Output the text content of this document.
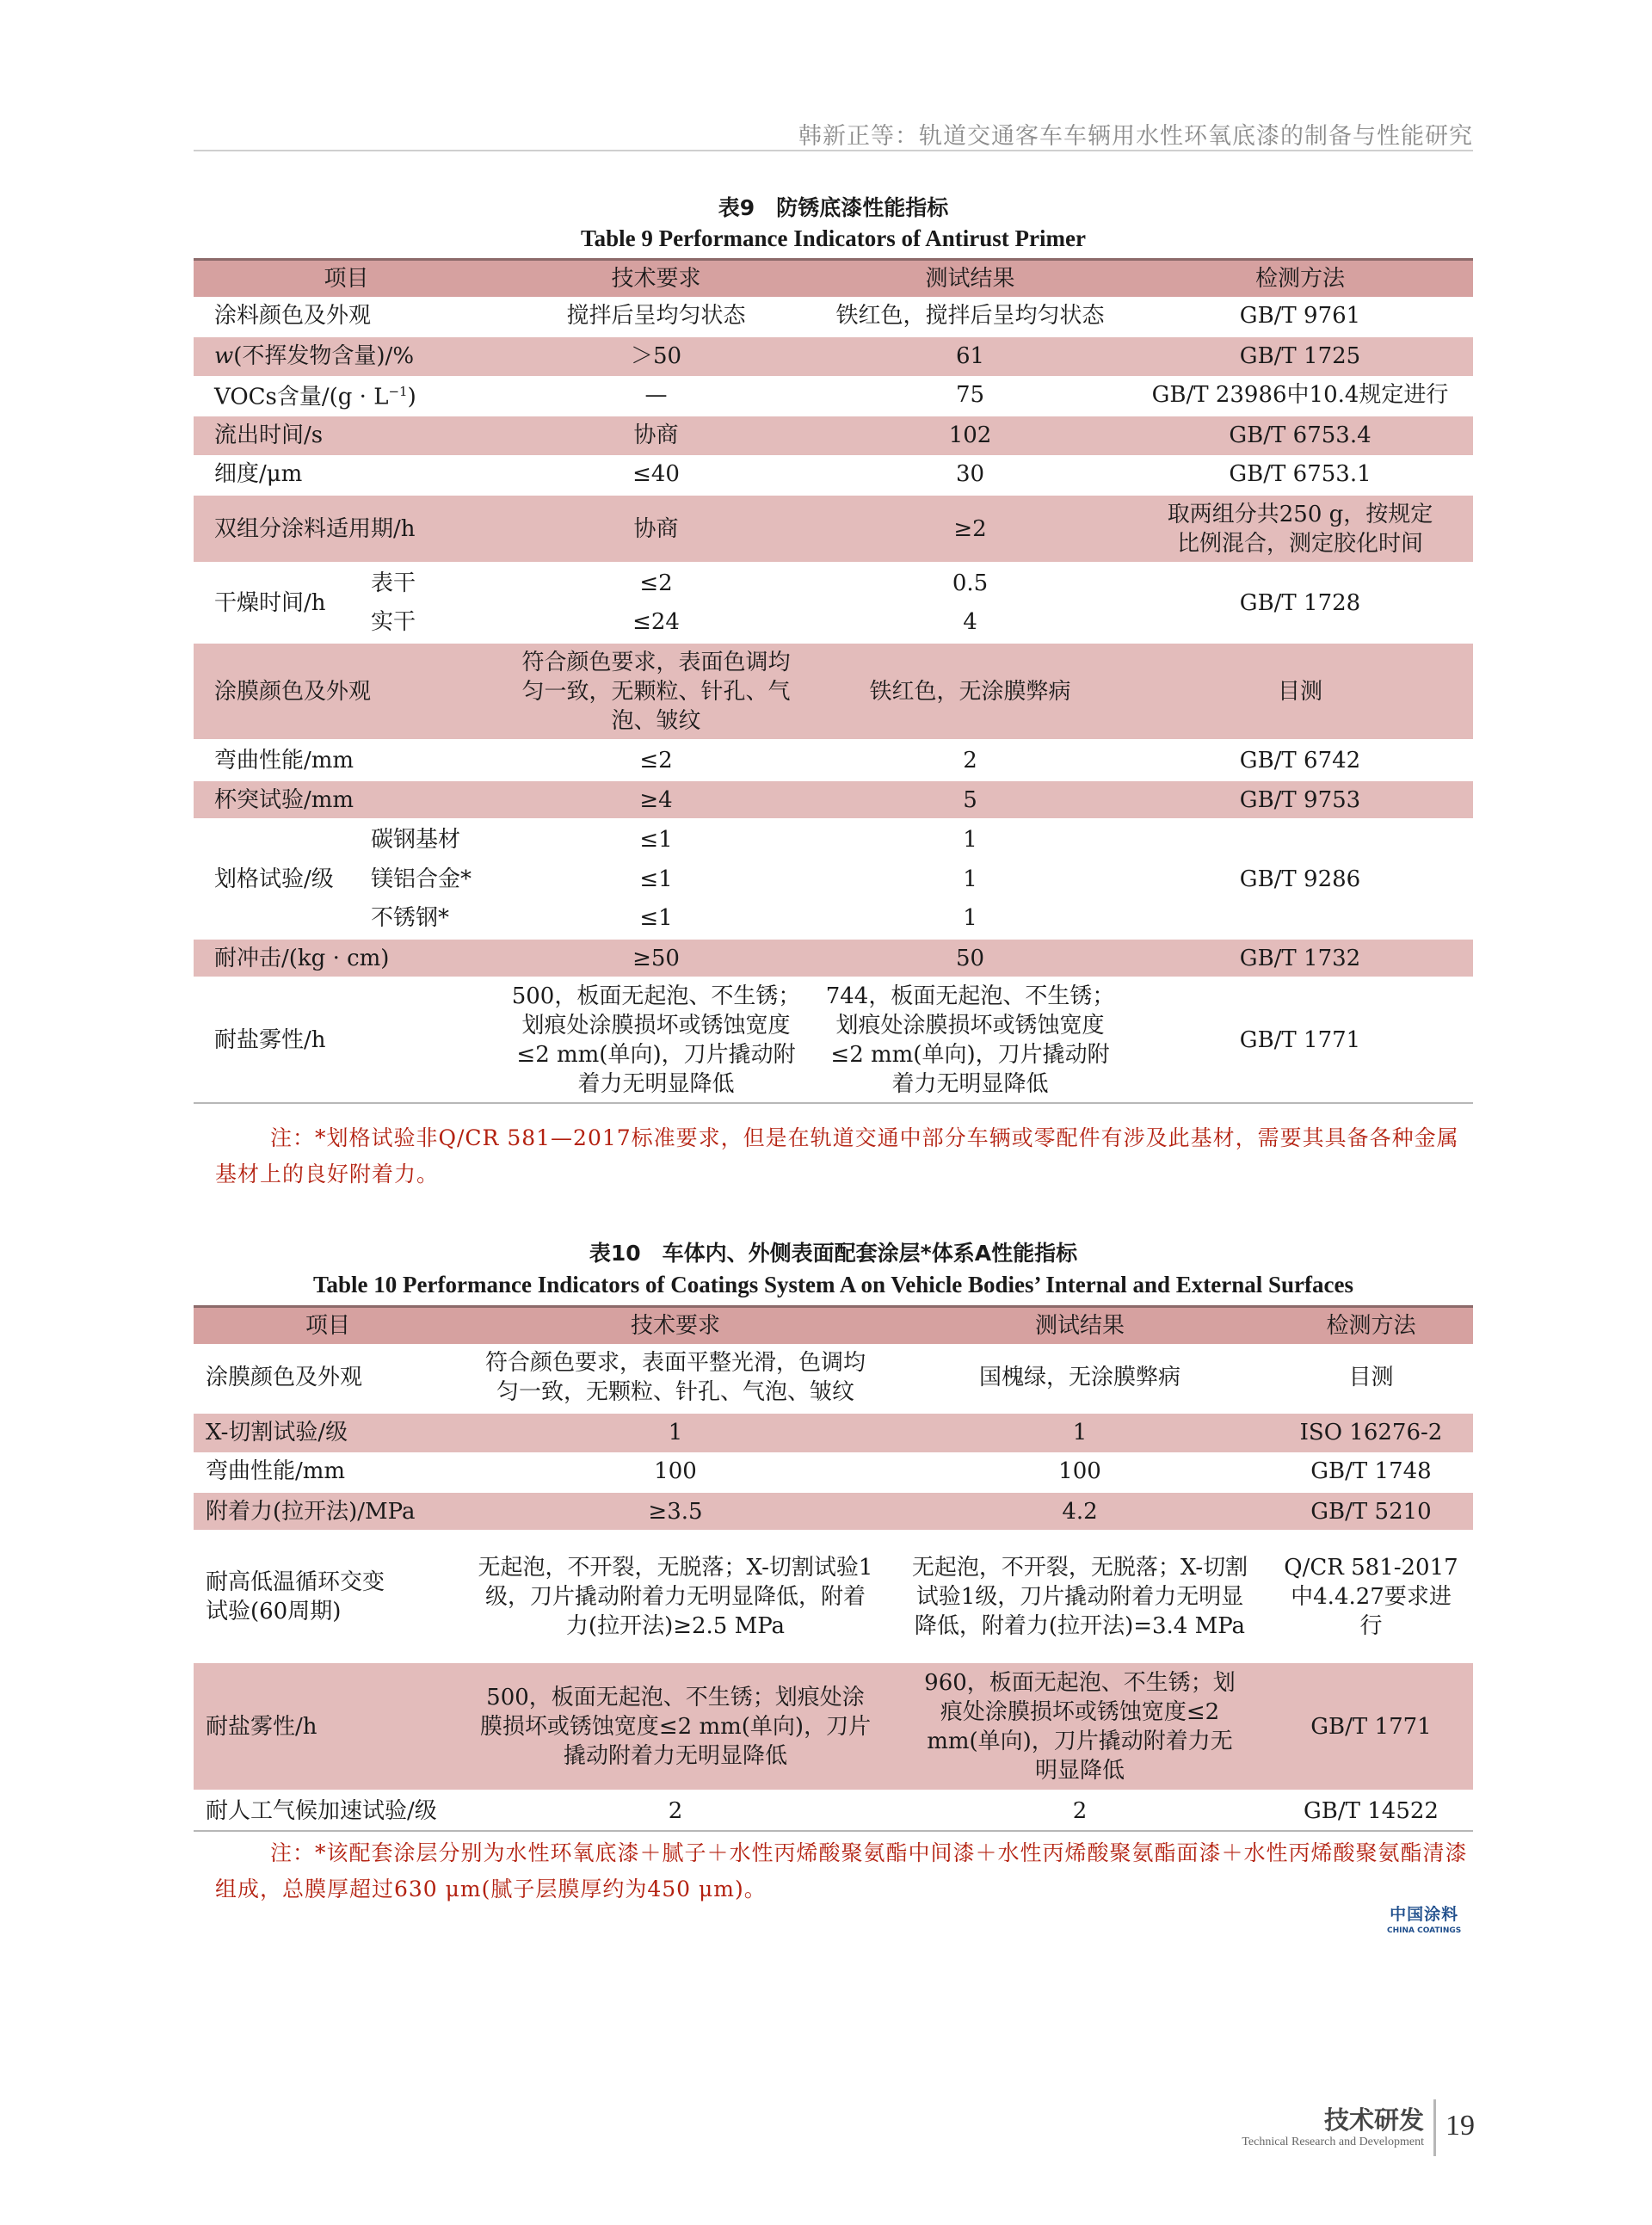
韩新正等：轨道交通客车车辆用水性环氧底漆的制备与性能研究
表9　防锈底漆性能指标
Table 9 Performance Indicators of Antirust Primer
项目		技术要求	测试结果	检测方法
涂料颜色及外观		搅拌后呈均匀状态	铁红色，搅拌后呈均匀状态	GB/T 9761
w(不挥发物含量)/%		＞50	61	GB/T 1725
VOCs含量$/(g \cdot L^{-1})$		—	75	GB/T 23986中10.4规定进行
流出时间/s		协商	102	GB/T 6753.4
细度/μm		≤40	30	GB/T 6753.1
双组分涂料适用期/h		协商	≥2	取两组分共250 g，按规定比例混合，测定胶化时间
干燥时间/h	表干	≤2	0.5	GB/T 1728
	实干	≤24	4	
涂膜颜色及外观		符合颜色要求，表面色调均匀一致，无颗粒、针孔、气泡、皱纹	铁红色，无涂膜弊病	目测
弯曲性能/mm		≤2	2	GB/T 6742
杯突试验/mm		≥4	5	GB/T 9753
划格试验/级	碳钢基材	≤1	1	GB/T 9286
	镁铝合金*	≤1	1	
	不锈钢*	≤1	1	
耐冲击/(kg · cm)		≥50	50	GB/T 1732
耐盐雾性/h		500，板面无起泡、不生锈；划痕处涂膜损坏或锈蚀宽度≤2 mm(单向)，刀片撬动附着力无明显降低	744，板面无起泡、不生锈；划痕处涂膜损坏或锈蚀宽度≤2 mm(单向)，刀片撬动附着力无明显降低	GB/T 1771
注：*划格试验非Q/CR 581—2017标准要求，但是在轨道交通中部分车辆或零配件有涉及此基材，需要其具备各种金属基材上的良好附着力。
表10　车体内、外侧表面配套涂层*体系A性能指标
Table 10 Performance Indicators of Coatings System A on Vehicle Bodies’ Internal and External Surfaces
项目	技术要求	测试结果	检测方法
涂膜颜色及外观	符合颜色要求，表面平整光滑，色调均匀一致，无颗粒、针孔、气泡、皱纹	国槐绿，无涂膜弊病	目测
X-切割试验/级	1	1	ISO 16276-2
弯曲性能/mm	100	100	GB/T 1748
附着力(拉开法)/MPa	≥3.5	4.2	GB/T 5210
耐高低温循环交变试验(60周期)	无起泡，不开裂，无脱落；X-切割试验1级，刀片撬动附着力无明显降低，附着力(拉开法)≥2.5 MPa	无起泡，不开裂，无脱落；X-切割试验1级，刀片撬动附着力无明显降低，附着力(拉开法)=3.4 MPa	Q/CR 581-2017中4.4.27要求进行
耐盐雾性/h	500，板面无起泡、不生锈；划痕处涂膜损坏或锈蚀宽度≤2 mm(单向)，刀片撬动附着力无明显降低	960，板面无起泡、不生锈；划痕处涂膜损坏或锈蚀宽度≤2 mm(单向)，刀片撬动附着力无明显降低	GB/T 1771
耐人工气候加速试验/级	2	2	GB/T 14522
注：*该配套涂层分别为水性环氧底漆＋腻子＋水性丙烯酸聚氨酯中间漆＋水性丙烯酸聚氨酯面漆＋水性丙烯酸聚氨酯清漆组成，总膜厚超过630 μm(腻子层膜厚约为450 μm)。
中国涂料
CHINA COATINGS
技术研发
Technical Research and Development
19
